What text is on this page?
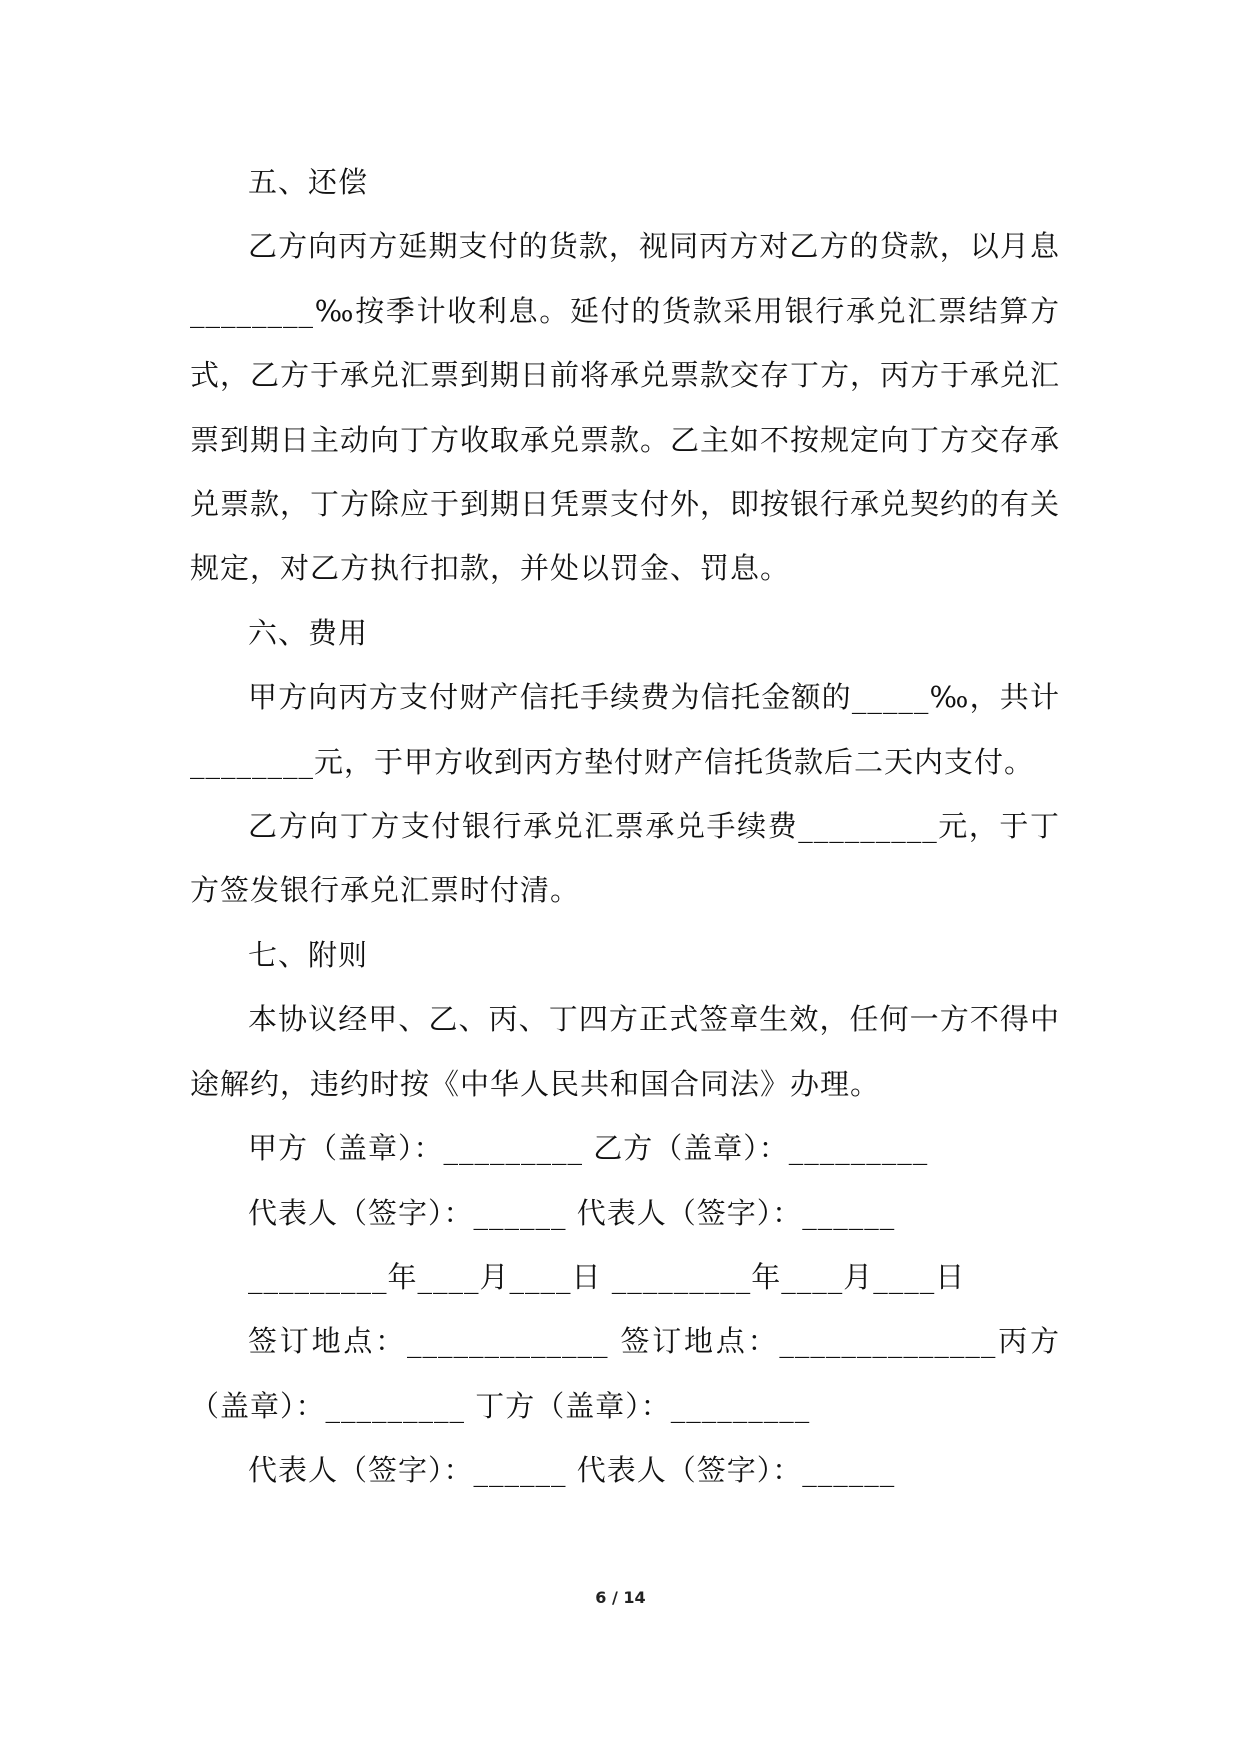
五、还偿

乙方向丙方延期支付的货款，视同丙方对乙方的贷款，以月息________‰按季计收利息。延付的货款采用银行承兑汇票结算方式，乙方于承兑汇票到期日前将承兑票款交存丁方，丙方于承兑汇票到期日主动向丁方收取承兑票款。乙主如不按规定向丁方交存承兑票款，丁方除应于到期日凭票支付外，即按银行承兑契约的有关规定，对乙方执行扣款，并处以罚金、罚息。

六、费用

甲方向丙方支付财产信托手续费为信托金额的_____‰，共计________元，于甲方收到丙方垫付财产信托货款后二天内支付。

乙方向丁方支付银行承兑汇票承兑手续费_________元，于丁方签发银行承兑汇票时付清。

七、附则

本协议经甲、乙、丙、丁四方正式签章生效，任何一方不得中途解约，违约时按《中华人民共和国合同法》办理。

甲方（盖章）：_________ 乙方（盖章）：_________

代表人（签字）：______ 代表人（签字）：______

_________年____月____日 _________年____月____日

签订地点：_____________ 签订地点：______________丙方（盖章）：_________ 丁方（盖章）：_________

代表人（签字）：______ 代表人（签字）：______

6 / 14
